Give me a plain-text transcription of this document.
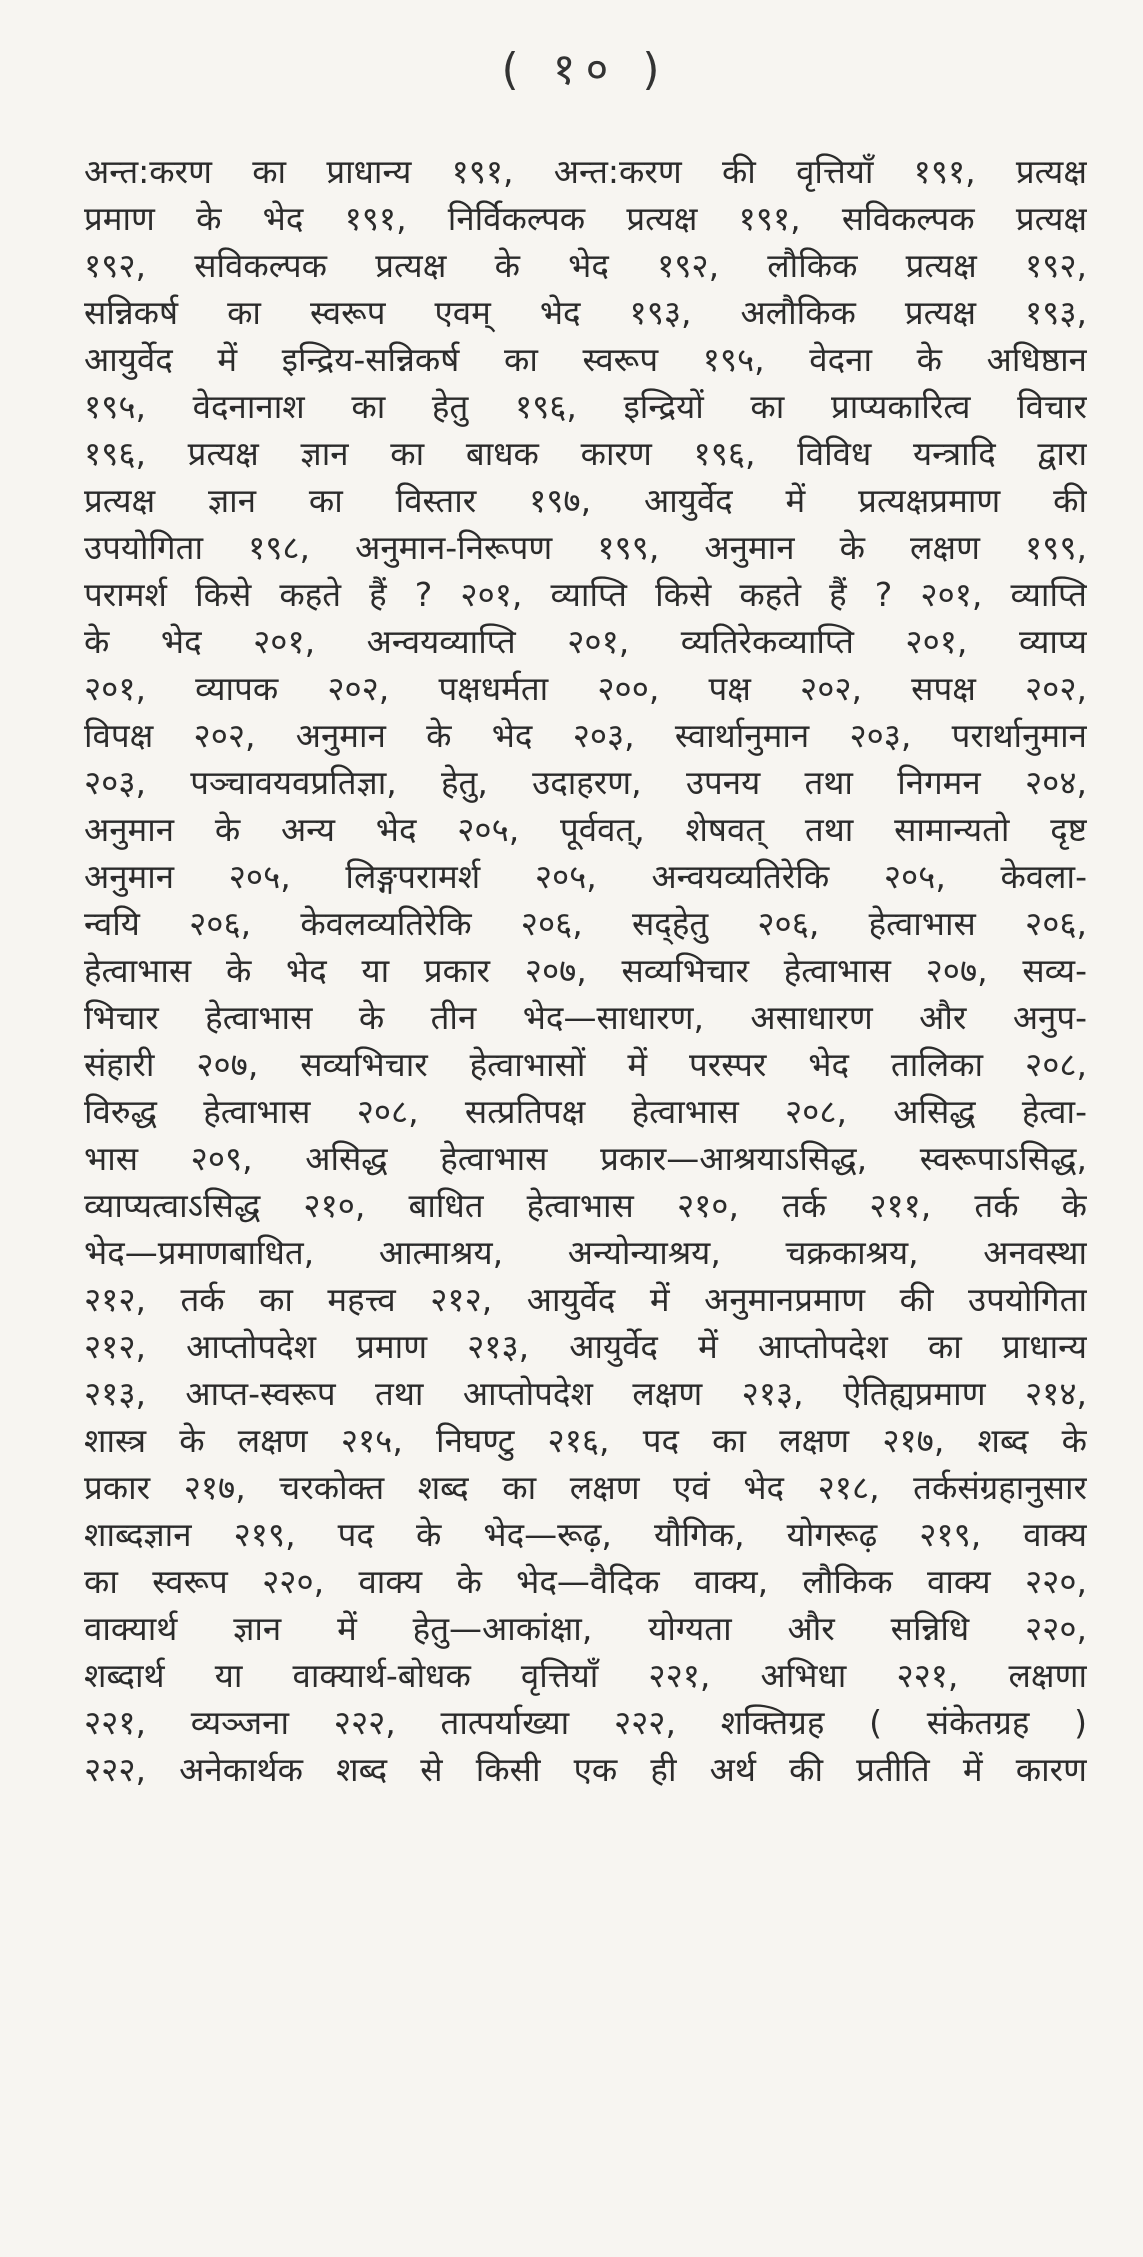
( १० )
अन्त:करण का प्राधान्य १९१, अन्त:करण की वृत्तियाँ १९१, प्रत्यक्ष
प्रमाण के भेद १९१, निर्विकल्पक प्रत्यक्ष १९१, सविकल्पक प्रत्यक्ष
१९२, सविकल्पक प्रत्यक्ष के भेद १९२, लौकिक प्रत्यक्ष १९२,
सन्निकर्ष का स्वरूप एवम् भेद १९३, अलौकिक प्रत्यक्ष १९३,
आयुर्वेद में इन्द्रिय-सन्निकर्ष का स्वरूप १९५, वेदना के अधिष्ठान
१९५, वेदनानाश का हेतु १९६, इन्द्रियों का प्राप्यकारित्व विचार
१९६, प्रत्यक्ष ज्ञान का बाधक कारण १९६, विविध यन्त्रादि द्वारा
प्रत्यक्ष ज्ञान का विस्तार १९७, आयुर्वेद में प्रत्यक्षप्रमाण की
उपयोगिता १९८, अनुमान-निरूपण १९९, अनुमान के लक्षण १९९,
परामर्श किसे कहते हैं ? २०१, व्याप्ति किसे कहते हैं ? २०१, व्याप्ति
के भेद २०१, अन्वयव्याप्ति २०१, व्यतिरेकव्याप्ति २०१, व्याप्य
२०१, व्यापक २०२, पक्षधर्मता २००, पक्ष २०२, सपक्ष २०२,
विपक्ष २०२, अनुमान के भेद २०३, स्वार्थानुमान २०३, परार्थानुमान
२०३, पञ्चावयवप्रतिज्ञा, हेतु, उदाहरण, उपनय तथा निगमन २०४,
अनुमान के अन्य भेद २०५, पूर्ववत्, शेषवत् तथा सामान्यतो दृष्ट
अनुमान २०५, लिङ्गपरामर्श २०५, अन्वयव्यतिरेकि २०५, केवला-
न्वयि २०६, केवलव्यतिरेकि २०६, सद्हेतु २०६, हेत्वाभास २०६,
हेत्वाभास के भेद या प्रकार २०७, सव्यभिचार हेत्वाभास २०७, सव्य-
भिचार हेत्वाभास के तीन भेद—साधारण, असाधारण और अनुप-
संहारी २०७, सव्यभिचार हेत्वाभासों में परस्पर भेद तालिका २०८,
विरुद्ध हेत्वाभास २०८, सत्प्रतिपक्ष हेत्वाभास २०८, असिद्ध हेत्वा-
भास २०९, असिद्ध हेत्वाभास प्रकार—आश्रयाऽसिद्ध, स्वरूपाऽसिद्ध,
व्याप्यत्वाऽसिद्ध २१०, बाधित हेत्वाभास २१०, तर्क २११, तर्क के
भेद—प्रमाणबाधित, आत्माश्रय, अन्योन्याश्रय, चक्रकाश्रय, अनवस्था
२१२, तर्क का महत्त्व २१२, आयुर्वेद में अनुमानप्रमाण की उपयोगिता
२१२, आप्तोपदेश प्रमाण २१३, आयुर्वेद में आप्तोपदेश का प्राधान्य
२१३, आप्त-स्वरूप तथा आप्तोपदेश लक्षण २१३, ऐतिह्यप्रमाण २१४,
शास्त्र के लक्षण २१५, निघण्टु २१६, पद का लक्षण २१७, शब्द के
प्रकार २१७, चरकोक्त शब्द का लक्षण एवं भेद २१८, तर्कसंग्रहानुसार
शाब्दज्ञान २१९, पद के भेद—रूढ़, यौगिक, योगरूढ़ २१९, वाक्य
का स्वरूप २२०, वाक्य के भेद—वैदिक वाक्य, लौकिक वाक्य २२०,
वाक्यार्थ ज्ञान में हेतु—आकांक्षा, योग्यता और सन्निधि २२०,
शब्दार्थ या वाक्यार्थ-बोधक वृत्तियाँ २२१, अभिधा २२१, लक्षणा
२२१, व्यञ्जना २२२, तात्पर्याख्या २२२, शक्तिग्रह ( संकेतग्रह )
२२२, अनेकार्थक शब्द से किसी एक ही अर्थ की प्रतीति में कारण
